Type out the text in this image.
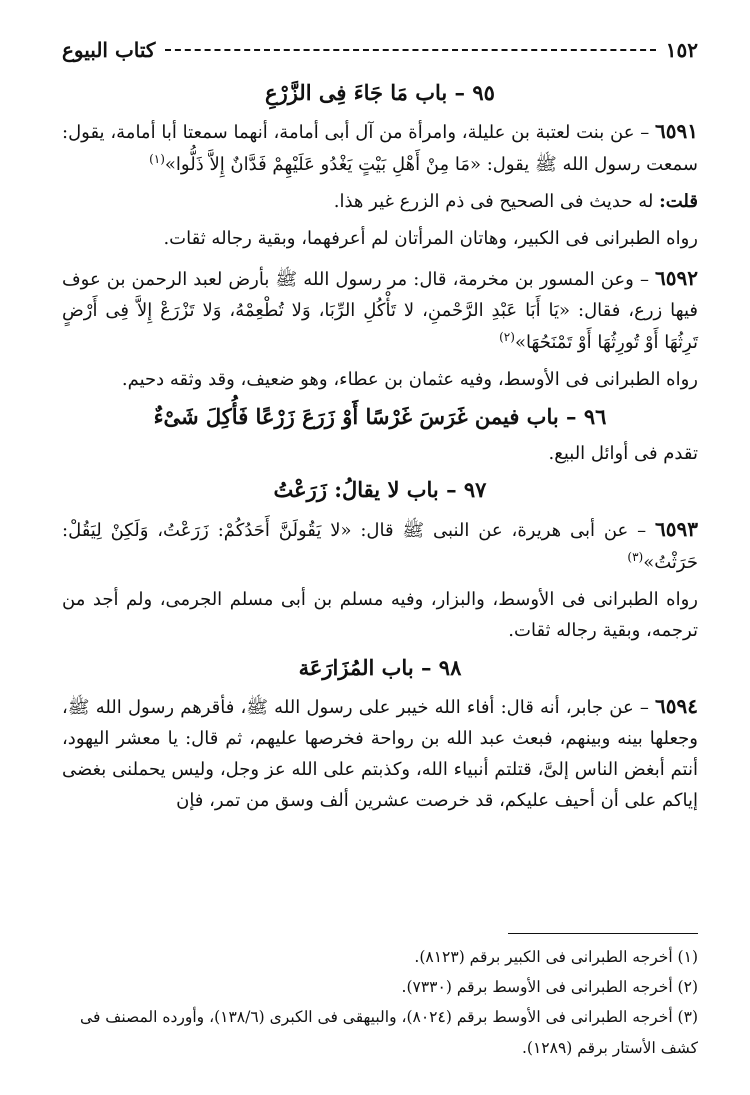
١٥٢
كتاب البيوع
٩٥ – باب مَا جَاءَ فِى الزَّرْعِ

٦٥٩١ – عن بنت لعتبة بن عليلة، وامرأة من آل أبى أمامة، أنهما سمعتا أبا أمامة، يقول: سمعت رسول الله ﷺ يقول: «مَا مِنْ أَهْلِ بَيْتٍ يَغْدُو عَلَيْهِمْ فَدَّانٌ إِلاَّ ذَلُّوا»$^{(١)}$

قلت: له حديث فى الصحيح فى ذم الزرع غير هذا.

رواه الطبرانى فى الكبير، وهاتان المرأتان لم أعرفهما، وبقية رجاله ثقات.

٦٥٩٢ – وعن المسور بن مخرمة، قال: مر رسول الله ﷺ بأرض لعبد الرحمن بن عوف فيها زرع، فقال: «يَا أَبَا عَبْدِ الرَّحْمنِ، لا تَأْكُلِ الرِّبَا، وَلا تُطْعِمْهُ، وَلا تَزْرَعْ إِلاَّ فِى أَرْضٍ تَرِثُهَا أَوْ تُورِثُهَا أَوْ تَمْنَحُهَا»$^{(٢)}$

رواه الطبرانى فى الأوسط، وفيه عثمان بن عطاء، وهو ضعيف، وقد وثقه دحيم.

٩٦ – باب فيمن غَرَسَ غَرْسًا أَوْ زَرَعَ زَرْعًا فَأُكِلَ شَىْءٌ

تقدم فى أوائل البيع.

٩٧ – باب لا يقالُ: زَرَعْتُ

٦٥٩٣ – عن أبى هريرة، عن النبى ﷺ قال: «لا يَقُولَنَّ أَحَدُكُمْ: زَرَعْتُ، وَلَكِنْ لِيَقُلْ: حَرَثْتُ»$^{(٣)}$

رواه الطبرانى فى الأوسط، والبزار، وفيه مسلم بن أبى مسلم الجرمى، ولم أجد من ترجمه، وبقية رجاله ثقات.

٩٨ – باب المُزَارَعَة

٦٥٩٤ – عن جابر، أنه قال: أفاء الله خيبر على رسول الله ﷺ، فأقرهم رسول الله ﷺ، وجعلها بينه وبينهم، فبعث عبد الله بن رواحة فخرصها عليهم، ثم قال: يا معشر اليهود، أنتم أبغض الناس إلىَّ، قتلتم أنبياء الله، وكذبتم على الله عز وجل، وليس يحملنى بغضى إياكم على أن أحيف عليكم، قد خرصت عشرين ألف وسق من تمر، فإن

(١) أخرجه الطبرانى فى الكبير برقم (٨١٢٣).

(٢) أخرجه الطبرانى فى الأوسط برقم (٧٣٣٠).

(٣) أخرجه الطبرانى فى الأوسط برقم (٨٠٢٤)، والبيهقى فى الكبرى (١٣٨/٦)، وأورده المصنف فى كشف الأستار برقم (١٢٨٩).
